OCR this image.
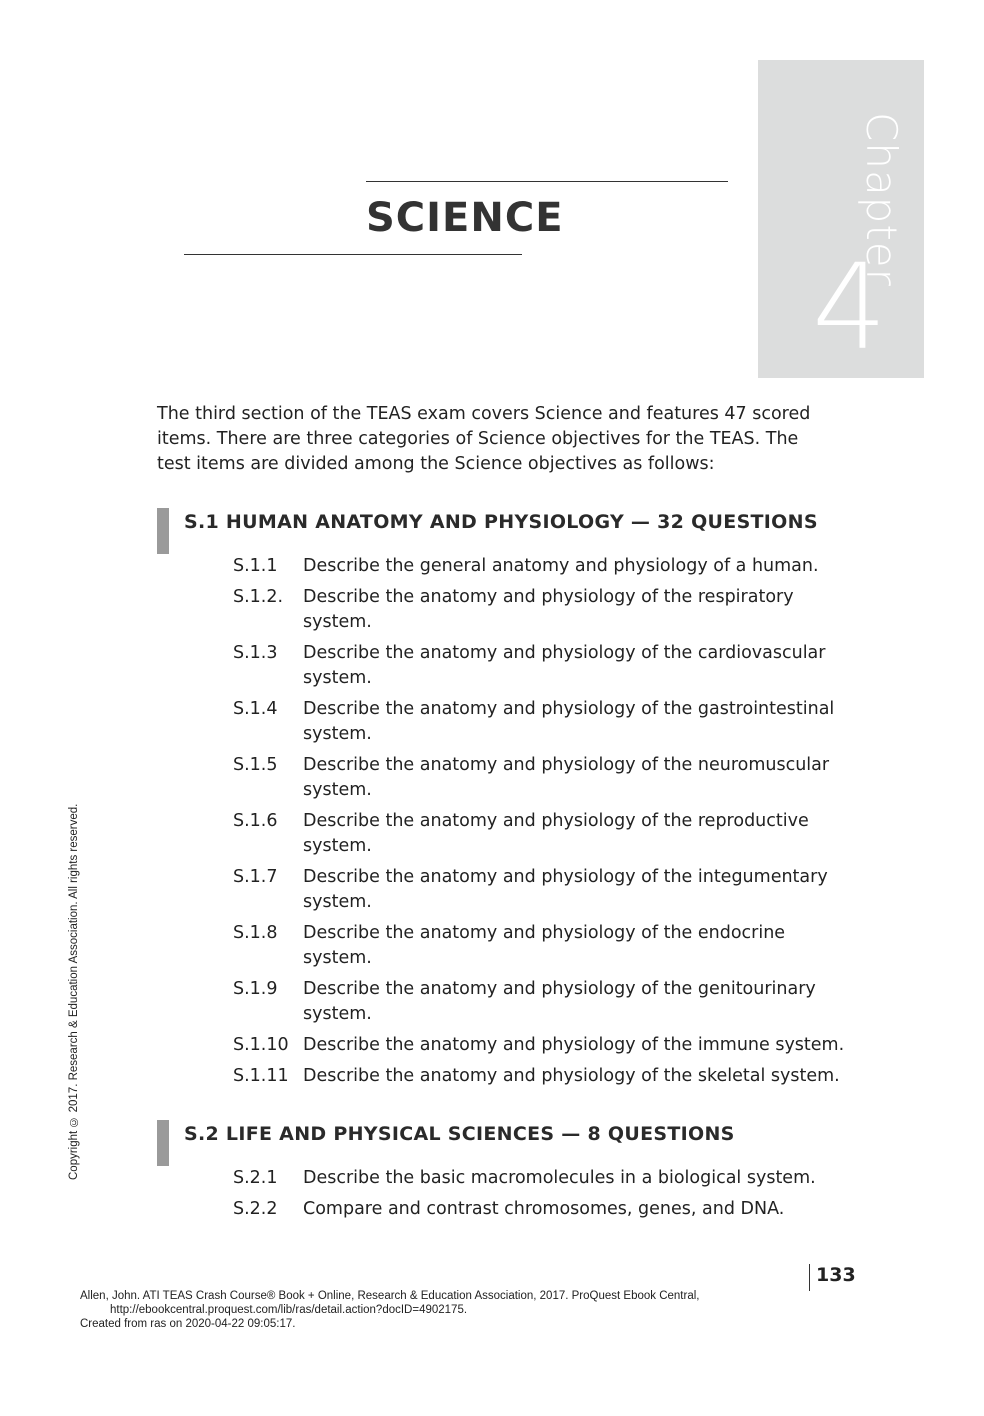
Chapter
4
SCIENCE

The third section of the TEAS exam covers Science and features 47 scored items. There are three categories of Science objectives for the TEAS. The test items are divided among the Science objectives as follows:

S.1 HUMAN ANATOMY AND PHYSIOLOGY — 32 QUESTIONS
S.1.1 Describe the general anatomy and physiology of a human.
S.1.2. Describe the anatomy and physiology of the respiratory system.
S.1.3 Describe the anatomy and physiology of the cardiovascular system.
S.1.4 Describe the anatomy and physiology of the gastrointestinal system.
S.1.5 Describe the anatomy and physiology of the neuromuscular system.
S.1.6 Describe the anatomy and physiology of the reproductive system.
S.1.7 Describe the anatomy and physiology of the integumentary system.
S.1.8 Describe the anatomy and physiology of the endocrine system.
S.1.9 Describe the anatomy and physiology of the genitourinary system.
S.1.10 Describe the anatomy and physiology of the immune system.
S.1.11 Describe the anatomy and physiology of the skeletal system.
S.2 LIFE AND PHYSICAL SCIENCES — 8 QUESTIONS
S.2.1 Describe the basic macromolecules in a biological system.
S.2.2 Compare and contrast chromosomes, genes, and DNA.
133
Copyright © 2017. Research & Education Association. All rights reserved.
Allen, John. ATI TEAS Crash Course® Book + Online, Research & Education Association, 2017. ProQuest Ebook Central,
http://ebookcentral.proquest.com/lib/ras/detail.action?docID=4902175.
Created from ras on 2020-04-22 09:05:17.
